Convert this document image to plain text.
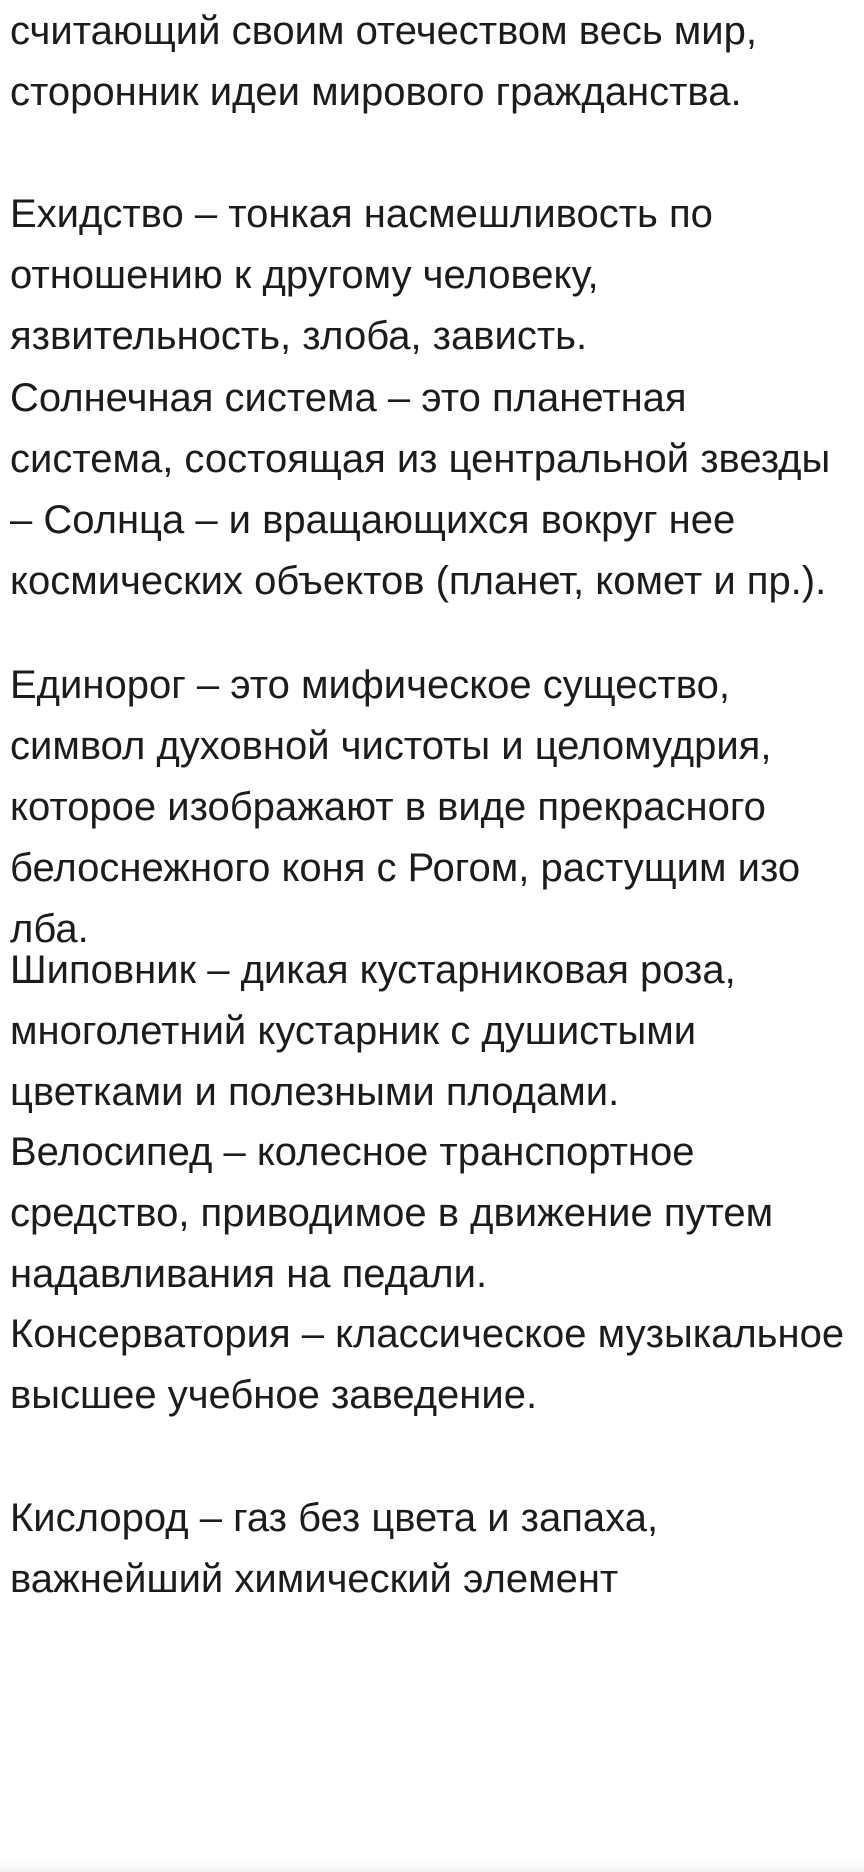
считающий своим отечеством весь мир, сторонник идеи мирового гражданства.

Ехидство – тонкая насмешливость по отношению к другому человеку, язвительность, злоба, зависть.

Солнечная система – это планетная система, состоящая из центральной звезды – Солнца – и вращающихся вокруг нее космических объектов (планет, комет и пр.).

Единорог – это мифическое существо, символ духовной чистоты и целомудрия, которое изображают в виде прекрасного белоснежного коня с Рогом, растущим изо лба.

Шиповник – дикая кустарниковая роза, многолетний кустарник с душистыми цветками и полезными плодами.

Велосипед – колесное транспортное средство, приводимое в движение путем надавливания на педали.

Консерватория – классическое музыкальное высшее учебное заведение.

Кислород – газ без цвета и запаха, важнейший химический элемент
